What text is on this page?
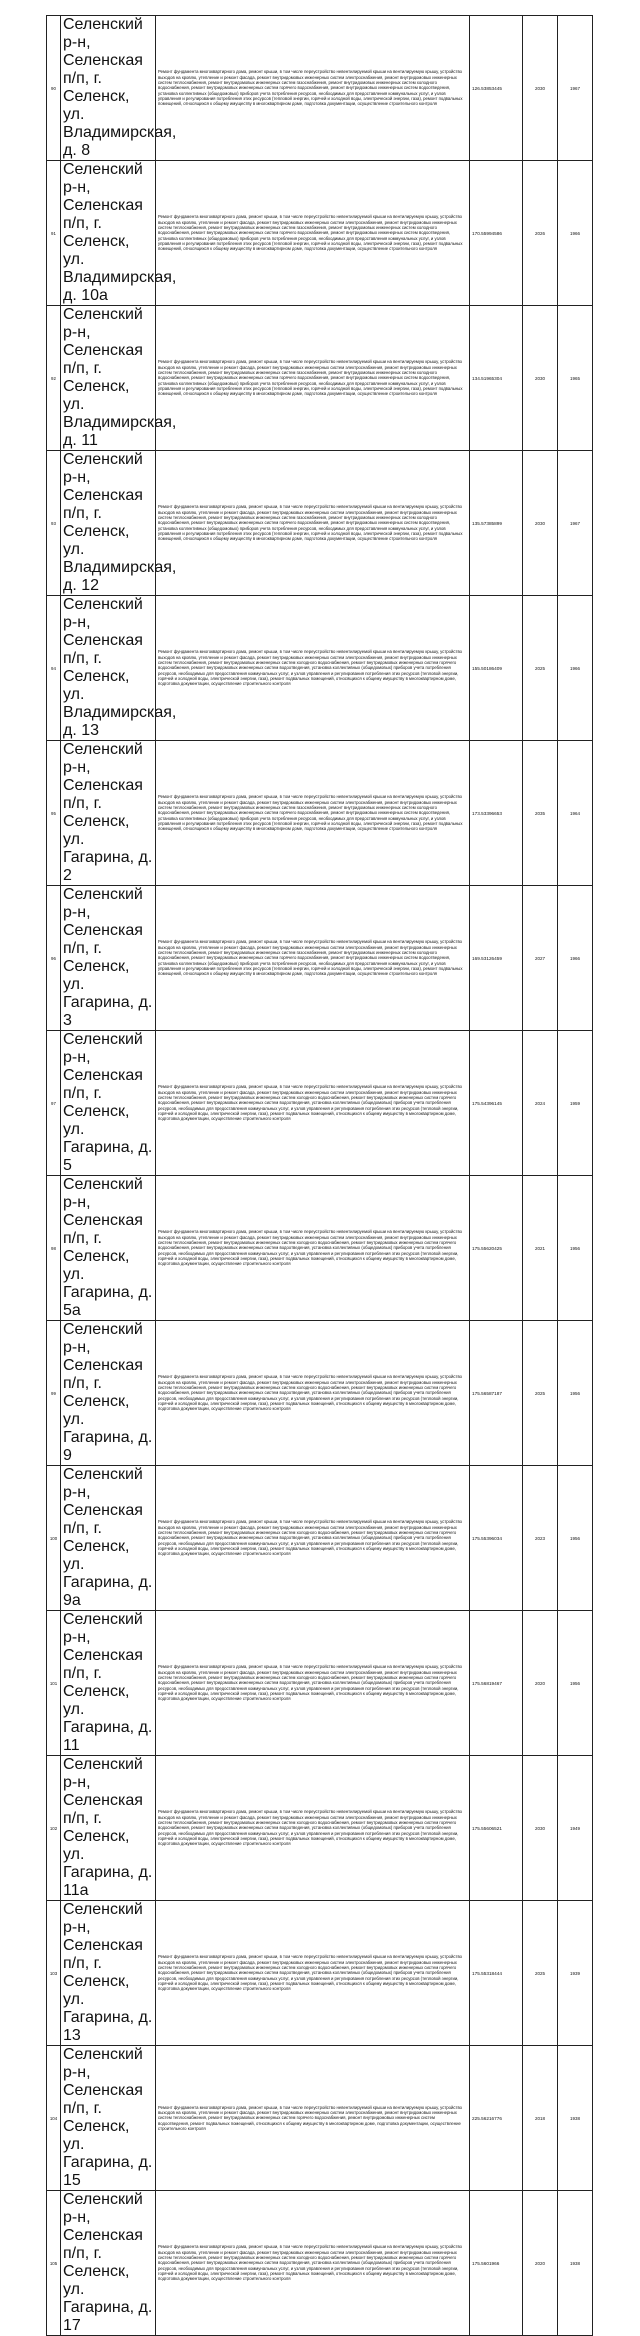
90	Селенский р-н, Селенская п/п, г. Селенск, ул. Владимирская, д. 8	Ремонт фундамента многоквартирного дома, ремонт крыши, в том числе переустройство невентилируемой крыши на вентилируемую крышу, устройство выходов на кровлю, утепление и ремонт фасада, ремонт внутридомовых инженерных систем электроснабжения, ремонт внутридомовых инженерных систем теплоснабжения, ремонт внутридомовых инженерных систем газоснабжения, ремонт внутридомовых инженерных систем холодного водоснабжения, ремонт внутридомовых инженерных систем горячего водоснабжения, ремонт внутридомовых инженерных систем водоотведения, установка коллективных (общедомовых) приборов учета потребления ресурсов, необходимых для предоставления коммунальных услуг, и узлов управления и регулирования потребления этих ресурсов (тепловой энергии, горячей и холодной воды, электрической энергии, газа), ремонт подвальных помещений, относящихся к общему имуществу в многоквартирном доме, подготовка документации, осуществление строительного контроля	126.53853445	2030	1967
91	Селенский р-н, Селенская п/п, г. Селенск, ул. Владимирская, д. 10а	Ремонт фундамента многоквартирного дома, ремонт крыши, в том числе переустройство невентилируемой крыши на вентилируемую крышу, устройство выходов на кровлю, утепление и ремонт фасада, ремонт внутридомовых инженерных систем электроснабжения, ремонт внутридомовых инженерных систем теплоснабжения, ремонт внутридомовых инженерных систем газоснабжения, ремонт внутридомовых инженерных систем холодного водоснабжения, ремонт внутридомовых инженерных систем горячего водоснабжения, ремонт внутридомовых инженерных систем водоотведения, установка коллективных (общедомовых) приборов учета потребления ресурсов, необходимых для предоставления коммунальных услуг, и узлов управления и регулирования потребления этих ресурсов (тепловой энергии, горячей и холодной воды, электрической энергии, газа), ремонт подвальных помещений, относящихся к общему имуществу в многоквартирном доме, подготовка документации, осуществление строительного контроля	170.55994586	2026	1966
92	Селенский р-н, Селенская п/п, г. Селенск, ул. Владимирская, д. 11	Ремонт фундамента многоквартирного дома, ремонт крыши, в том числе переустройство невентилируемой крыши на вентилируемую крышу, устройство выходов на кровлю, утепление и ремонт фасада, ремонт внутридомовых инженерных систем электроснабжения, ремонт внутридомовых инженерных систем теплоснабжения, ремонт внутридомовых инженерных систем газоснабжения, ремонт внутридомовых инженерных систем холодного водоснабжения, ремонт внутридомовых инженерных систем горячего водоснабжения, ремонт внутридомовых инженерных систем водоотведения, установка коллективных (общедомовых) приборов учета потребления ресурсов, необходимых для предоставления коммунальных услуг, и узлов управления и регулирования потребления этих ресурсов (тепловой энергии, горячей и холодной воды, электрической энергии, газа), ремонт подвальных помещений, относящихся к общему имуществу в многоквартирном доме, подготовка документации, осуществление строительного контроля	134.51965304	2030	1965
93	Селенский р-н, Селенская п/п, г. Селенск, ул. Владимирская, д. 12	Ремонт фундамента многоквартирного дома, ремонт крыши, в том числе переустройство невентилируемой крыши на вентилируемую крышу, устройство выходов на кровлю, утепление и ремонт фасада, ремонт внутридомовых инженерных систем электроснабжения, ремонт внутридомовых инженерных систем теплоснабжения, ремонт внутридомовых инженерных систем газоснабжения, ремонт внутридомовых инженерных систем холодного водоснабжения, ремонт внутридомовых инженерных систем горячего водоснабжения, ремонт внутридомовых инженерных систем водоотведения, установка коллективных (общедомовых) приборов учета потребления ресурсов, необходимых для предоставления коммунальных услуг, и узлов управления и регулирования потребления этих ресурсов (тепловой энергии, горячей и холодной воды, электрической энергии, газа), ремонт подвальных помещений, относящихся к общему имуществу в многоквартирном доме, подготовка документации, осуществление строительного контроля	135.57385899	2030	1967
94	Селенский р-н, Селенская п/п, г. Селенск, ул. Владимирская, д. 13	Ремонт фундамента многоквартирного дома, ремонт крыши, в том числе переустройство невентилируемой крыши на вентилируемую крышу, устройство выходов на кровлю, утепление и ремонт фасада, ремонт внутридомовых инженерных систем электроснабжения, ремонт внутридомовых инженерных систем теплоснабжения, ремонт внутридомовых инженерных систем холодного водоснабжения, ремонт внутридомовых инженерных систем горячего водоснабжения, ремонт внутридомовых инженерных систем водоотведения, установка коллективных (общедомовых) приборов учета потребления ресурсов, необходимых для предоставления коммунальных услуг, и узлов управления и регулирования потребления этих ресурсов (тепловой энергии, горячей и холодной воды, электрической энергии, газа), ремонт подвальных помещений, относящихся к общему имуществу в многоквартирном доме, подготовка документации, осуществление строительного контроля	155.50186409	2025	1966
95	Селенский р-н, Селенская п/п, г. Селенск, ул. Гагарина, д. 2	Ремонт фундамента многоквартирного дома, ремонт крыши, в том числе переустройство невентилируемой крыши на вентилируемую крышу, устройство выходов на кровлю, утепление и ремонт фасада, ремонт внутридомовых инженерных систем электроснабжения, ремонт внутридомовых инженерных систем теплоснабжения, ремонт внутридомовых инженерных систем газоснабжения, ремонт внутридомовых инженерных систем холодного водоснабжения, ремонт внутридомовых инженерных систем горячего водоснабжения, ремонт внутридомовых инженерных систем водоотведения, установка коллективных (общедомовых) приборов учета потребления ресурсов, необходимых для предоставления коммунальных услуг, и узлов управления и регулирования потребления этих ресурсов (тепловой энергии, горячей и холодной воды, электрической энергии, газа), ремонт подвальных помещений, относящихся к общему имуществу в многоквартирном доме, подготовка документации, осуществление строительного контроля	173.53396653	2035	1964
96	Селенский р-н, Селенская п/п, г. Селенск, ул. Гагарина, д. 3	Ремонт фундамента многоквартирного дома, ремонт крыши, в том числе переустройство невентилируемой крыши на вентилируемую крышу, устройство выходов на кровлю, утепление и ремонт фасада, ремонт внутридомовых инженерных систем электроснабжения, ремонт внутридомовых инженерных систем теплоснабжения, ремонт внутридомовых инженерных систем газоснабжения, ремонт внутридомовых инженерных систем холодного водоснабжения, ремонт внутридомовых инженерных систем горячего водоснабжения, ремонт внутридомовых инженерных систем водоотведения, установка коллективных (общедомовых) приборов учета потребления ресурсов, необходимых для предоставления коммунальных услуг, и узлов управления и регулирования потребления этих ресурсов (тепловой энергии, горячей и холодной воды, электрической энергии, газа), ремонт подвальных помещений, относящихся к общему имуществу в многоквартирном доме, подготовка документации, осуществление строительного контроля	169.53126459	2027	1966
97	Селенский р-н, Селенская п/п, г. Селенск, ул. Гагарина, д. 5	Ремонт фундамента многоквартирного дома, ремонт крыши, в том числе переустройство невентилируемой крыши на вентилируемую крышу, устройство выходов на кровлю, утепление и ремонт фасада, ремонт внутридомовых инженерных систем электроснабжения, ремонт внутридомовых инженерных систем теплоснабжения, ремонт внутридомовых инженерных систем холодного водоснабжения, ремонт внутридомовых инженерных систем горячего водоснабжения, ремонт внутридомовых инженерных систем водоотведения, установка коллективных (общедомовых) приборов учета потребления ресурсов, необходимых для предоставления коммунальных услуг, и узлов управления и регулирования потребления этих ресурсов (тепловой энергии, горячей и холодной воды, электрической энергии, газа), ремонт подвальных помещений, относящихся к общему имуществу в многоквартирном доме, подготовка документации, осуществление строительного контроля	175.54396145	2024	1959
98	Селенский р-н, Селенская п/п, г. Селенск, ул. Гагарина, д. 5а	Ремонт фундамента многоквартирного дома, ремонт крыши, в том числе переустройство невентилируемой крыши на вентилируемую крышу, устройство выходов на кровлю, утепление и ремонт фасада, ремонт внутридомовых инженерных систем электроснабжения, ремонт внутридомовых инженерных систем теплоснабжения, ремонт внутридомовых инженерных систем холодного водоснабжения, ремонт внутридомовых инженерных систем горячего водоснабжения, ремонт внутридомовых инженерных систем водоотведения, установка коллективных (общедомовых) приборов учета потребления ресурсов, необходимых для предоставления коммунальных услуг, и узлов управления и регулирования потребления этих ресурсов (тепловой энергии, горячей и холодной воды, электрической энергии, газа), ремонт подвальных помещений, относящихся к общему имуществу в многоквартирном доме, подготовка документации, осуществление строительного контроля	175.55620425	2021	1956
99	Селенский р-н, Селенская п/п, г. Селенск, ул. Гагарина, д. 9	Ремонт фундамента многоквартирного дома, ремонт крыши, в том числе переустройство невентилируемой крыши на вентилируемую крышу, устройство выходов на кровлю, утепление и ремонт фасада, ремонт внутридомовых инженерных систем электроснабжения, ремонт внутридомовых инженерных систем теплоснабжения, ремонт внутридомовых инженерных систем холодного водоснабжения, ремонт внутридомовых инженерных систем горячего водоснабжения, ремонт внутридомовых инженерных систем водоотведения, установка коллективных (общедомовых) приборов учета потребления ресурсов, необходимых для предоставления коммунальных услуг, и узлов управления и регулирования потребления этих ресурсов (тепловой энергии, горячей и холодной воды, электрической энергии, газа), ремонт подвальных помещений, относящихся к общему имуществу в многоквартирном доме, подготовка документации, осуществление строительного контроля	175.56587187	2025	1956
100	Селенский р-н, Селенская п/п, г. Селенск, ул. Гагарина, д. 9а	Ремонт фундамента многоквартирного дома, ремонт крыши, в том числе переустройство невентилируемой крыши на вентилируемую крышу, устройство выходов на кровлю, утепление и ремонт фасада, ремонт внутридомовых инженерных систем электроснабжения, ремонт внутридомовых инженерных систем теплоснабжения, ремонт внутридомовых инженерных систем холодного водоснабжения, ремонт внутридомовых инженерных систем горячего водоснабжения, ремонт внутридомовых инженерных систем водоотведения, установка коллективных (общедомовых) приборов учета потребления ресурсов, необходимых для предоставления коммунальных услуг, и узлов управления и регулирования потребления этих ресурсов (тепловой энергии, горячей и холодной воды, электрической энергии, газа), ремонт подвальных помещений, относящихся к общему имуществу в многоквартирном доме, подготовка документации, осуществление строительного контроля	175.55396034	2023	1956
101	Селенский р-н, Селенская п/п, г. Селенск, ул. Гагарина, д. 11	Ремонт фундамента многоквартирного дома, ремонт крыши, в том числе переустройство невентилируемой крыши на вентилируемую крышу, устройство выходов на кровлю, утепление и ремонт фасада, ремонт внутридомовых инженерных систем электроснабжения, ремонт внутридомовых инженерных систем теплоснабжения, ремонт внутридомовых инженерных систем холодного водоснабжения, ремонт внутридомовых инженерных систем горячего водоснабжения, ремонт внутридомовых инженерных систем водоотведения, установка коллективных (общедомовых) приборов учета потребления ресурсов, необходимых для предоставления коммунальных услуг, и узлов управления и регулирования потребления этих ресурсов (тепловой энергии, горячей и холодной воды, электрической энергии, газа), ремонт подвальных помещений, относящихся к общему имуществу в многоквартирном доме, подготовка документации, осуществление строительного контроля	175.56819467	2020	1956
102	Селенский р-н, Селенская п/п, г. Селенск, ул. Гагарина, д. 11а	Ремонт фундамента многоквартирного дома, ремонт крыши, в том числе переустройство невентилируемой крыши на вентилируемую крышу, устройство выходов на кровлю, утепление и ремонт фасада, ремонт внутридомовых инженерных систем электроснабжения, ремонт внутридомовых инженерных систем теплоснабжения, ремонт внутридомовых инженерных систем холодного водоснабжения, ремонт внутридомовых инженерных систем горячего водоснабжения, ремонт внутридомовых инженерных систем водоотведения, установка коллективных (общедомовых) приборов учета потребления ресурсов, необходимых для предоставления коммунальных услуг, и узлов управления и регулирования потребления этих ресурсов (тепловой энергии, горячей и холодной воды, электрической энергии, газа), ремонт подвальных помещений, относящихся к общему имуществу в многоквартирном доме, подготовка документации, осуществление строительного контроля	175.55606521	2030	1949
103	Селенский р-н, Селенская п/п, г. Селенск, ул. Гагарина, д. 13	Ремонт фундамента многоквартирного дома, ремонт крыши, в том числе переустройство невентилируемой крыши на вентилируемую крышу, устройство выходов на кровлю, утепление и ремонт фасада, ремонт внутридомовых инженерных систем электроснабжения, ремонт внутридомовых инженерных систем теплоснабжения, ремонт внутридомовых инженерных систем холодного водоснабжения, ремонт внутридомовых инженерных систем горячего водоснабжения, ремонт внутридомовых инженерных систем водоотведения, установка коллективных (общедомовых) приборов учета потребления ресурсов, необходимых для предоставления коммунальных услуг, и узлов управления и регулирования потребления этих ресурсов (тепловой энергии, горячей и холодной воды, электрической энергии, газа), ремонт подвальных помещений, относящихся к общему имуществу в многоквартирном доме, подготовка документации, осуществление строительного контроля	175.55318444	2025	1939
104	Селенский р-н, Селенская п/п, г. Селенск, ул. Гагарина, д. 15	Ремонт фундамента многоквартирного дома, ремонт крыши, в том числе переустройство невентилируемой крыши на вентилируемую крышу, устройство выходов на кровлю, утепление и ремонт фасада, ремонт внутридомовых инженерных систем электроснабжения, ремонт внутридомовых инженерных систем теплоснабжения, ремонт внутридомовых инженерных систем горячего водоснабжения, ремонт внутридомовых инженерных систем водоотведения, ремонт подвальных помещений, относящихся к общему имуществу в многоквартирном доме, подготовка документации, осуществление строительного контроля	225.56216776	2018	1938
105	Селенский р-н, Селенская п/п, г. Селенск, ул. Гагарина, д. 17	Ремонт фундамента многоквартирного дома, ремонт крыши, в том числе переустройство невентилируемой крыши на вентилируемую крышу, устройство выходов на кровлю, утепление и ремонт фасада, ремонт внутридомовых инженерных систем электроснабжения, ремонт внутридомовых инженерных систем теплоснабжения, ремонт внутридомовых инженерных систем холодного водоснабжения, ремонт внутридомовых инженерных систем горячего водоснабжения, ремонт внутридомовых инженерных систем водоотведения, установка коллективных (общедомовых) приборов учета потребления ресурсов, необходимых для предоставления коммунальных услуг, и узлов управления и регулирования потребления этих ресурсов (тепловой энергии, горячей и холодной воды, электрической энергии, газа), ремонт подвальных помещений, относящихся к общему имуществу в многоквартирном доме, подготовка документации, осуществление строительного контроля	175.5601966	2020	1938
